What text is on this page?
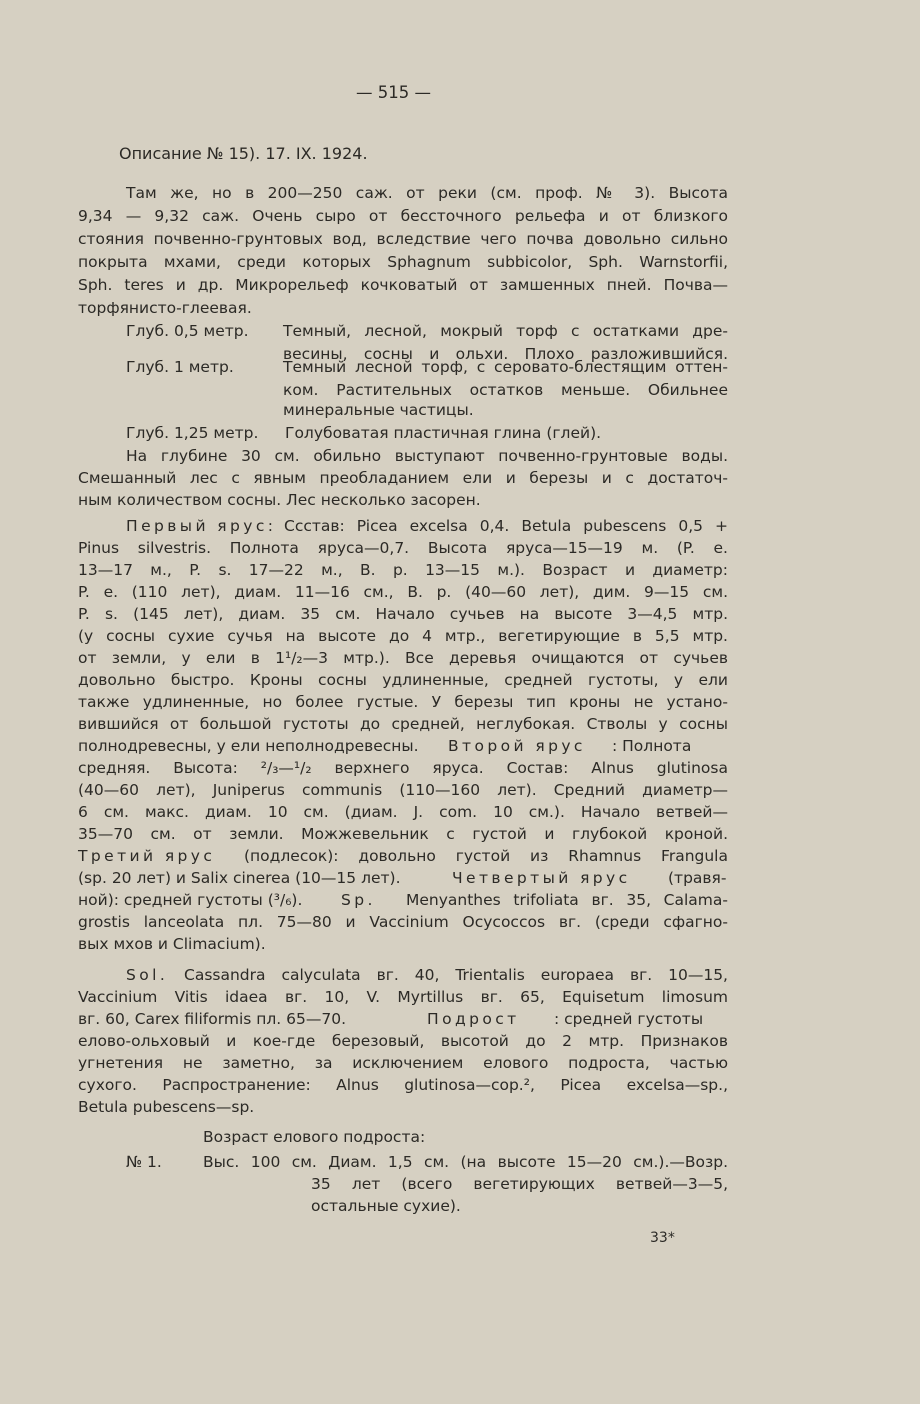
— 515 —
Описание № 15). 17. IX. 1924.
Там же, но в 200—250 саж. от реки (см. проф. № 3). Высота
9,34 — 9,32 саж. Очень сыро от бессточного рельефа и от близкого
стояния почвенно-грунтовых вод, вследствие чего почва довольно сильно
покрыта мхами, среди которых Sphagnum subbicolor, Sph. Warnstorfii,
Sph. teres и др. Микрорельеф кочковатый от замшенных пней. Почва—
торфянисто-глеевая.
Глуб. 0,5 метр. Темный, лесной, мокрый торф с остатками дре-
весины, сосны и ольхи. Плохо разложившийся.
Глуб. 1 метр.	Темный лесной торф, с серовато-блестящим оттен-
ком. Растительных остатков меньше. Обильнее
минеральные частицы.
Глуб. 1,25 метр. Голубоватая пластичная глина (глей).
На глубине 30 см. обильно выступают почвенно-грунтовые воды.
Смешанный лес с явным преобладанием ели и березы и с достаточ-
ным количеством сосны. Лес несколько засорен.
Первый ярус: Ссстав: Picea excelsa 0,4. Betula pubescens 0,5 +
Pinus silvestris. Полнота яруса—0,7. Высота яруса—15—19 м. (P. e.
13—17 м., P. s. 17—22 м., B. p. 13—15 м.). Возраст и диаметр:
P. e. (110 лет), диам. 11—16 см., B. p. (40—60 лет), дим. 9—15 см.
P. s. (145 лет), диам. 35 см. Начало сучьев на высоте 3—4,5 мтр.
(у сосны сухие сучья на высоте до 4 мтр., вегетирующие в 5,5 мтр.
от земли, у ели в 1¹/₂—3 мтр.). Все деревья очищаются от сучьев
довольно быстро. Кроны сосны удлиненные, средней густоты, у ели
также удлиненные, но более густые. У березы тип кроны не устано-
вившийся от большой густоты до средней, неглубокая. Стволы у сосны
полнодревесны, у ели неполнодревесны. Второй ярус : Полнота
средняя. Высота: ²/₃—¹/₂ верхнего яруса. Состав: Alnus glutinosa
(40—60 лет), Juniperus communis (110—160 лет). Средний диаметр—
6 см. макс. диам. 10 см. (диам. J. com. 10 см.). Начало ветвей—
35—70 см. от земли. Можжевельник с густой и глубокой кроной.
Третий ярус (подлесок): довольно густой из Rhamnus Frangula
(sp. 20 лет) и Salix cinerea (10—15 лет).	Четвертый ярус (травя-
ной): средней густоты (³/₆). Sp. Menyanthes trifoliata вг. 35, Calama-
grostis lanceolata пл. 75—80 и Vaccinium Ocycoccos вг. (среди сфагно-
вых мхов и Climacium).
Sol. Cassandra calyculata вг. 40, Trientalis europaea вг. 10—15,
Vaccinium Vitis idaea вг. 10, V. Myrtillus вг. 65, Equisetum limosum
вг. 60, Carex filiformis пл. 65—70.	Подрост : средней густоты
елово-ольховый и кое-где березовый, высотой до 2 мтр. Признаков
угнетения не заметно, за исключением елового подроста, частью
сухого. Распространение: Alnus glutinosa—cop.², Picea excelsa—sp.,
Betula pubescens—sp.
Возраст елового подроста:
№ 1.	Выс. 100 см. Диам. 1,5 см. (на высоте 15—20 см.).—Возр.
35 лет (всего вегетирующих ветвей—3—5,
остальные сухие).
33*
